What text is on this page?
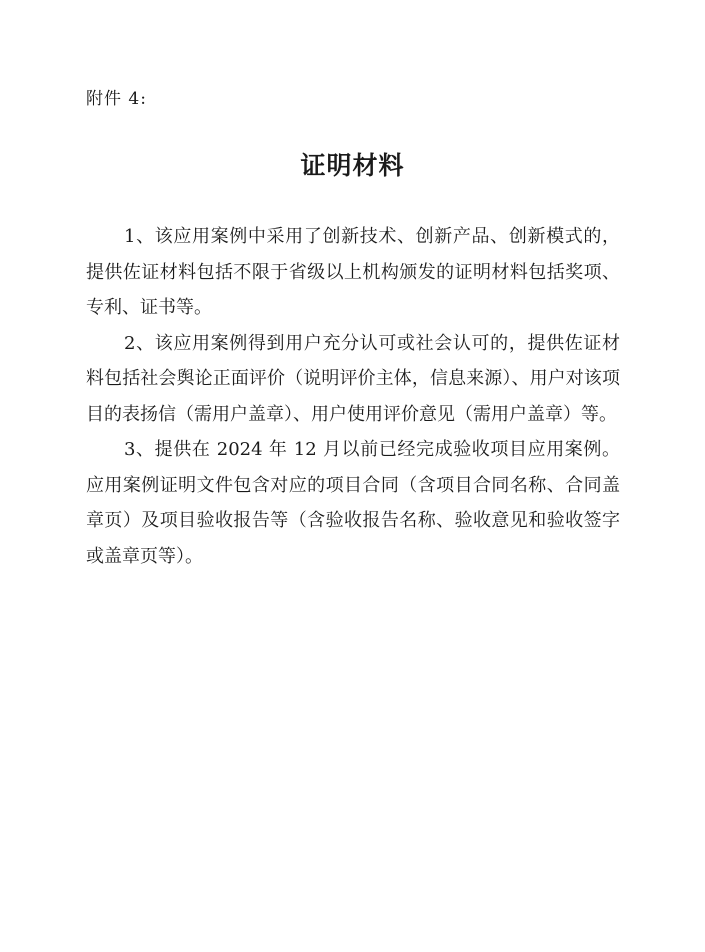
附件 4:
证明材料

1、该应用案例中采用了创新技术、创新产品、创新模式的，提供佐证材料包括不限于省级以上机构颁发的证明材料包括奖项、专利、证书等。

2、该应用案例得到用户充分认可或社会认可的，提供佐证材料包括社会舆论正面评价（说明评价主体，信息来源）、用户对该项目的表扬信（需用户盖章）、用户使用评价意见（需用户盖章）等。

3、提供在 2024 年 12 月以前已经完成验收项目应用案例。应用案例证明文件包含对应的项目合同（含项目合同名称、合同盖章页）及项目验收报告等（含验收报告名称、验收意见和验收签字或盖章页等）。
